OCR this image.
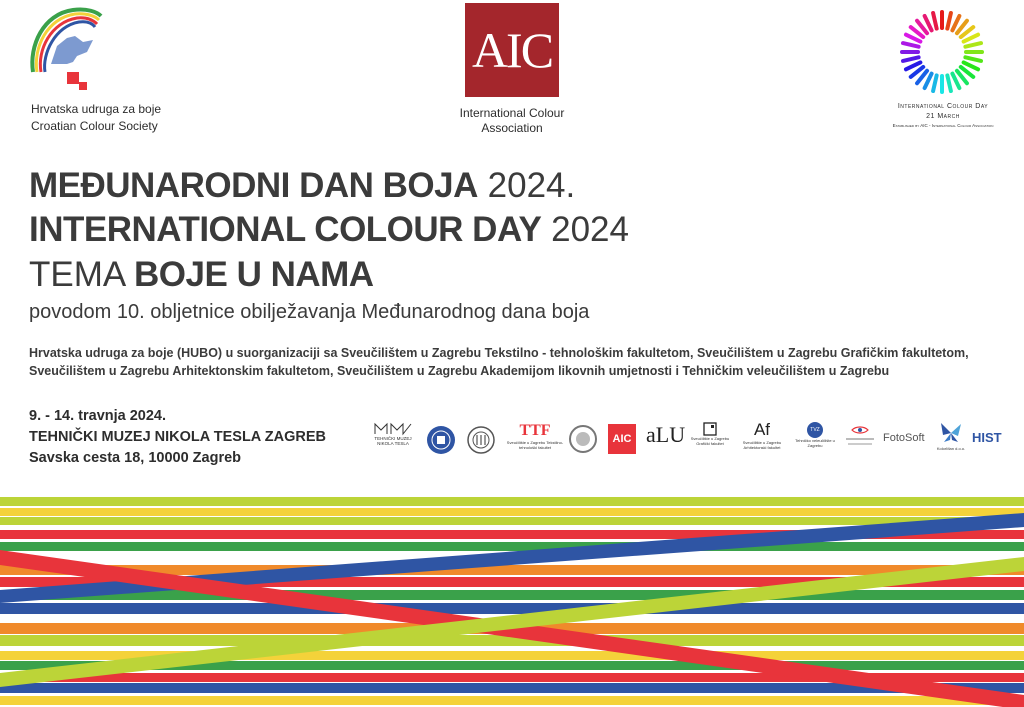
Hrvatska udruga za boje
Croatian Colour Society
AIC
International Colour
Association
International Colour Day
21 March
Established by AIC - International Colour Association
MEĐUNARODNI DAN BOJA 2024.
INTERNATIONAL COLOUR DAY 2024
TEMA BOJE U NAMA
povodom 10. obljetnice obilježavanja Međunarodnog dana boja
Hrvatska udruga za boje (HUBO) u suorganizaciji sa Sveučilištem u Zagrebu Tekstilno - tehnološkim fakultetom, Sveučilištem u Zagrebu Grafičkim fakultetom,
Sveučilištem u Zagrebu Arhitektonskim fakultetom, Sveučilištem u Zagrebu Akademijom likovnih umjetnosti i Tehničkim veleučilištem u Zagrebu
9. - 14. travnja 2024.
TEHNIČKI MUZEJ NIKOLA TESLA ZAGREB
Savska cesta 18, 10000 Zagreb
TEHNIČKI MUZEJ NIKOLA TESLA
TTF
Sveučilište u Zagrebu Tekstilno-tehnološki fakultet
AIC aLU	Sveučilište u Zagrebu Grafički fakultet
Af
Sveučilište u Zagrebu Arhitektonski fakultet
TVZ
Tehničko veleučilište u Zagrebu
FotoSoft
KolorMan d.o.o.
HIST
